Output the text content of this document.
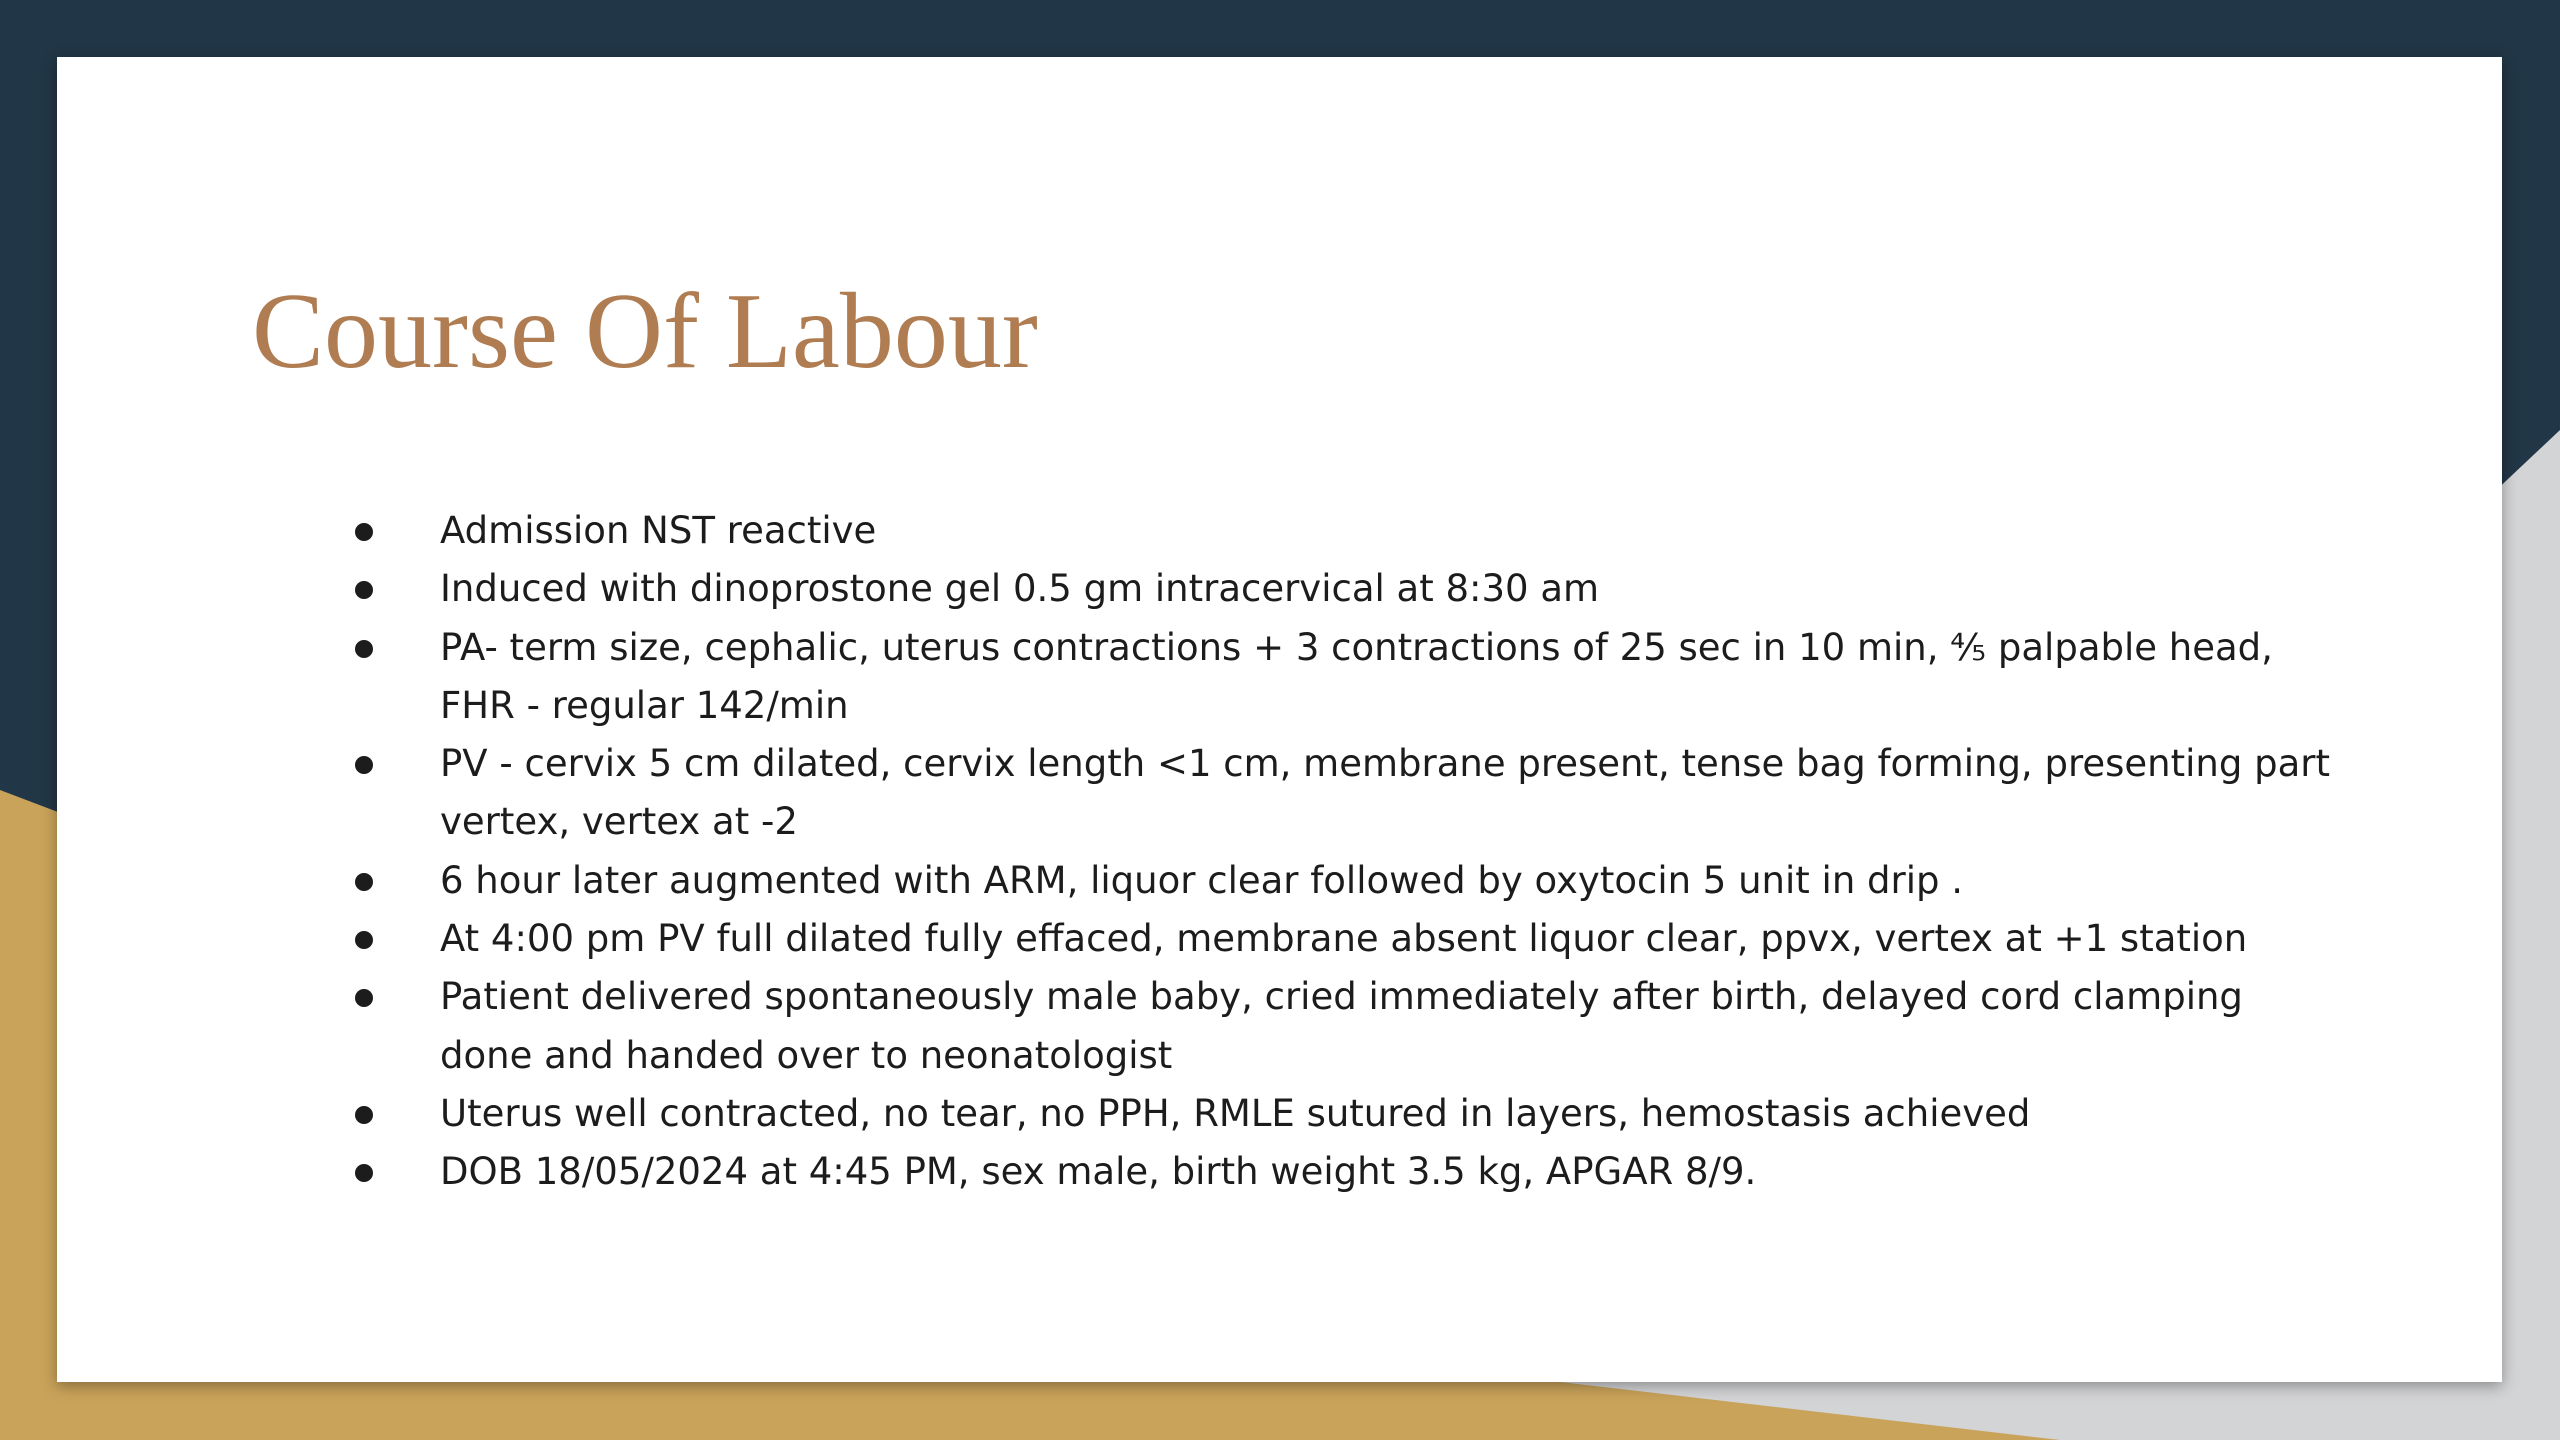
Course Of Labour
Admission NST reactive
Induced with dinoprostone gel 0.5 gm intracervical at 8:30 am
PA- term size, cephalic, uterus contractions + 3 contractions of 25 sec in 10 min, ⅘ palpable head, FHR - regular 142/min
PV - cervix 5 cm dilated, cervix length <1 cm, membrane present, tense bag forming, presenting part vertex, vertex at -2
6 hour later augmented with ARM, liquor clear followed by oxytocin 5 unit in drip .
At 4:00 pm PV full dilated fully effaced, membrane absent liquor clear, ppvx, vertex at +1 station
Patient delivered spontaneously male baby, cried immediately after birth, delayed cord clamping done and handed over to neonatologist
Uterus well contracted, no tear, no PPH, RMLE sutured in layers, hemostasis achieved
DOB 18/05/2024 at 4:45 PM, sex male, birth weight 3.5 kg, APGAR 8/9.
